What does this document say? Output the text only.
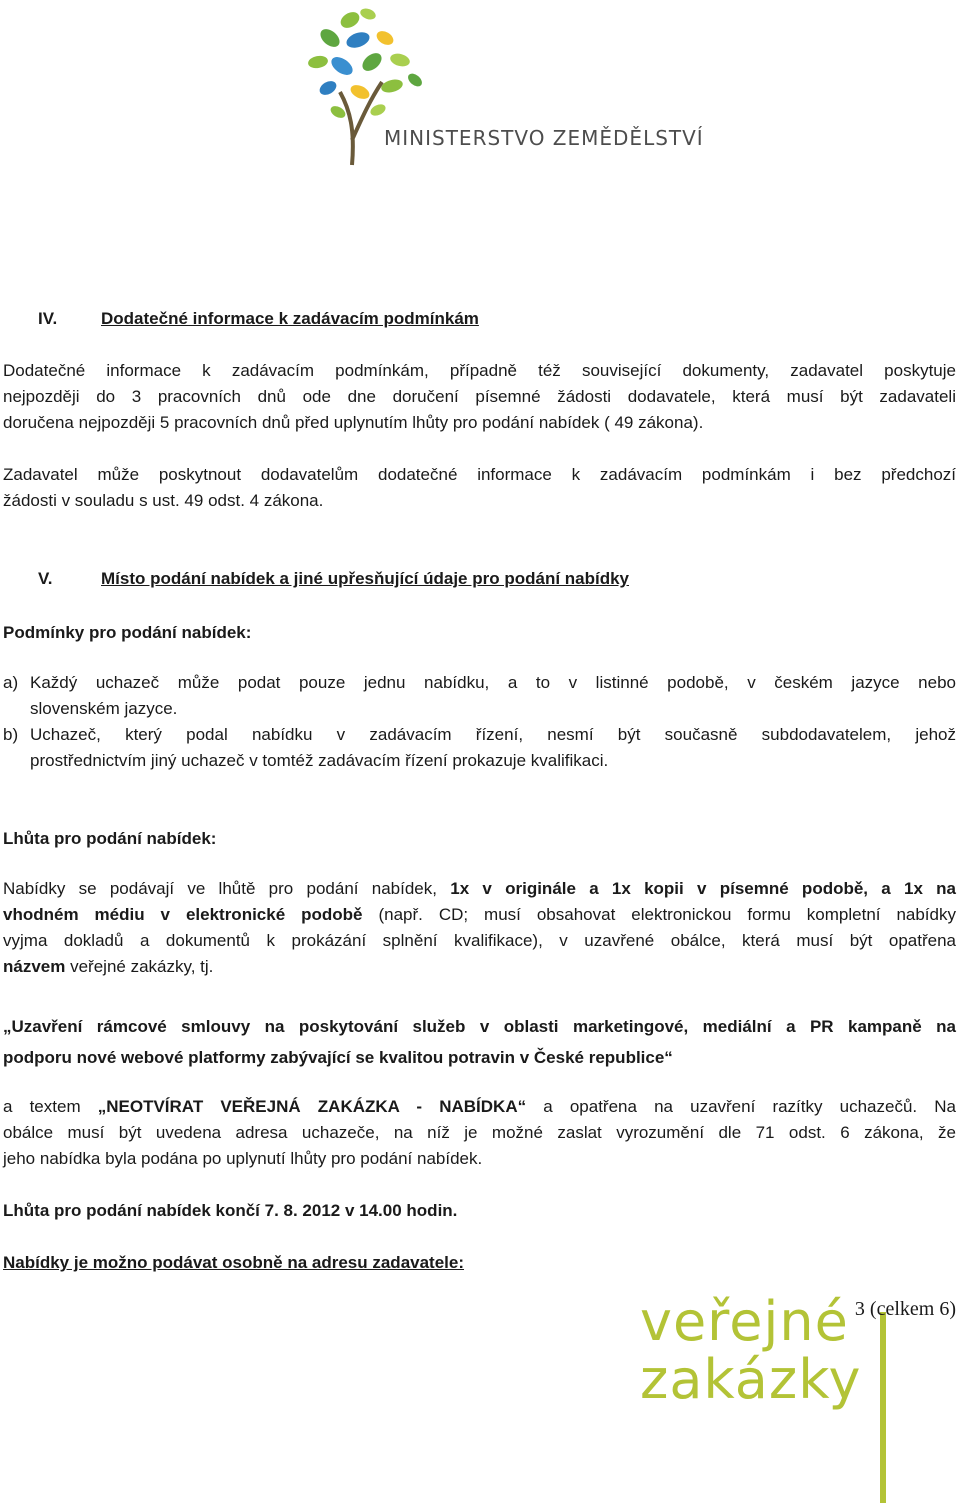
MINISTERSTVO ZEMĚDĚLSTVÍ
IV.	Dodatečné informace k zadávacím podmínkám
Dodatečné informace k zadávacím podmínkám, případně též související dokumenty, zadavatel poskytuje
nejpozději do 3 pracovních dnů ode dne doručení písemné žádosti dodavatele, která musí být zadavateli
doručena nejpozději 5 pracovních dnů před uplynutím lhůty pro podání nabídek ( 49 zákona).
Zadavatel může poskytnout dodavatelům dodatečné informace k zadávacím podmínkám i bez předchozí
žádosti v souladu s ust. 49 odst. 4 zákona.
V.	Místo podání nabídek a jiné upřesňující údaje pro podání nabídky
Podmínky pro podání nabídek:
a) Každý uchazeč může podat pouze jednu nabídku, a to v listinné podobě, v českém jazyce nebo
slovenském jazyce.
b) Uchazeč, který podal nabídku v zadávacím řízení, nesmí být současně subdodavatelem, jehož
prostřednictvím jiný uchazeč v tomtéž zadávacím řízení prokazuje kvalifikaci.
Lhůta pro podání nabídek:
Nabídky se podávají ve lhůtě pro podání nabídek, 1x v originále a 1x kopii v písemné podobě, a 1x na
vhodném médiu v elektronické podobě (např. CD; musí obsahovat elektronickou formu kompletní nabídky
vyjma dokladů a dokumentů k prokázání splnění kvalifikace), v uzavřené obálce, která musí být opatřena
názvem veřejné zakázky, tj.
„Uzavření rámcové smlouvy na poskytování služeb v oblasti marketingové, mediální a PR kampaně na
podporu nové webové platformy zabývající se kvalitou potravin v České republice“
a textem „NEOTVÍRAT VEŘEJNÁ ZAKÁZKA - NABÍDKA“ a opatřena na uzavření razítky uchazečů. Na
obálce musí být uvedena adresa uchazeče, na níž je možné zaslat vyrozumění dle 71 odst. 6 zákona, že
jeho nabídka byla podána po uplynutí lhůty pro podání nabídek.
Lhůta pro podání nabídek končí 7. 8. 2012 v 14.00 hodin.
Nabídky je možno podávat osobně na adresu zadavatele:
veřejné
zakázky
3 (celkem 6)
